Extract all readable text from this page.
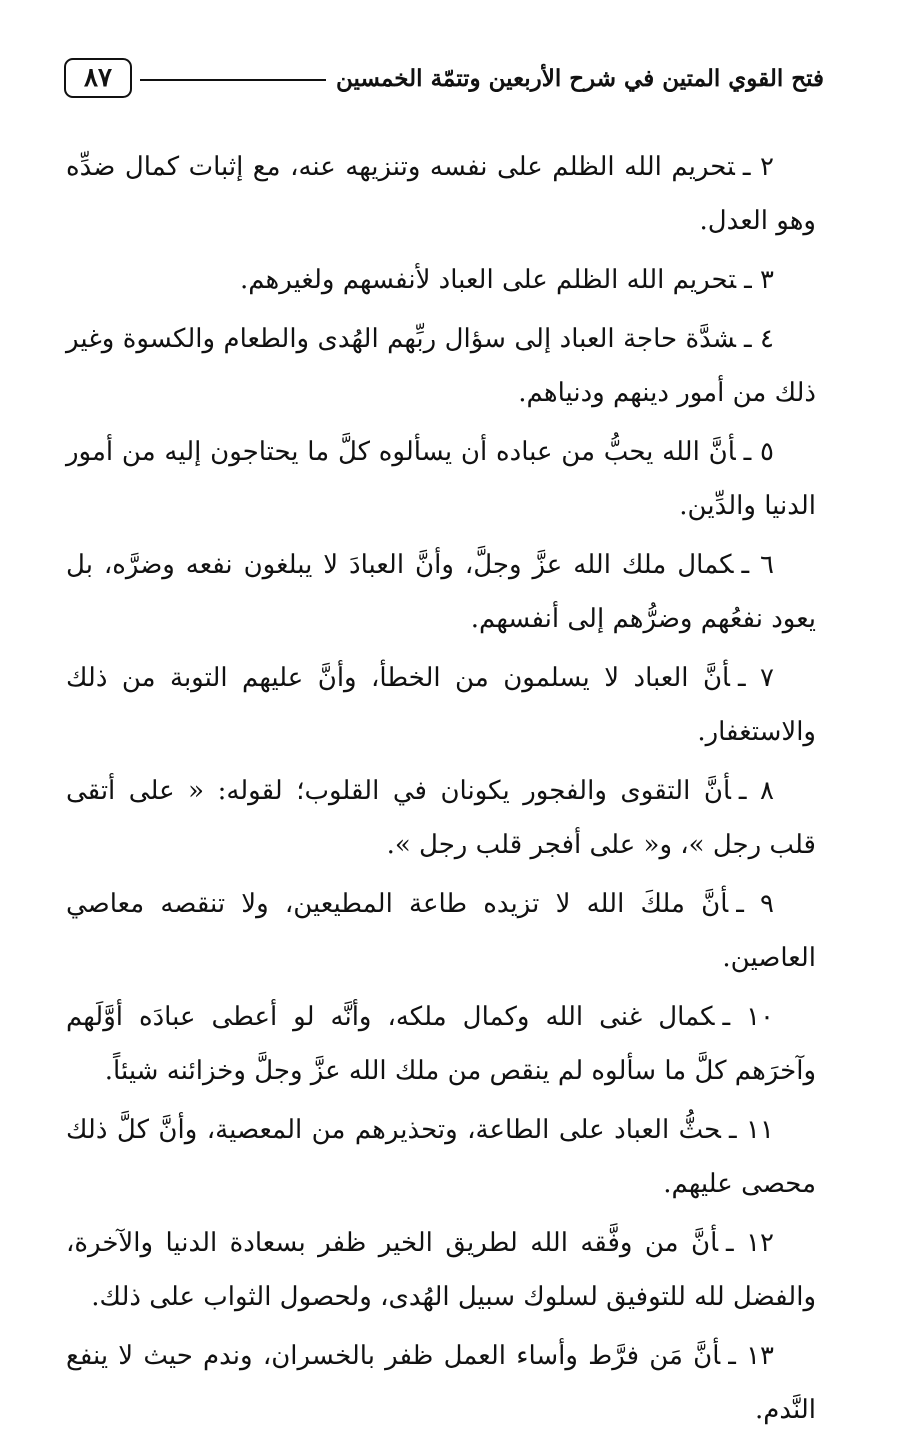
فتح القوي المتين في شرح الأربعين وتتمّة الخمسين
٨٧

٢ ـتحريم الله الظلم على نفسه وتنزيهه عنه، مع إثبات كمال ضدِّه وهو العدل.

٣ ـتحريم الله الظلم على العباد لأنفسهم ولغيرهم.

٤ ـشدَّة حاجة العباد إلى سؤال ربِّهم الهُدى والطعام والكسوة وغير ذلك من أمور دينهم ودنياهم.

٥ ـأنَّ الله يحبُّ من عباده أن يسألوه كلَّ ما يحتاجون إليه من أمور الدنيا والدِّين.

٦ ـكمال ملك الله عزَّ وجلَّ، وأنَّ العبادَ لا يبلغون نفعه وضرَّه، بل يعود نفعُهم وضرُّهم إلى أنفسهم.

٧ ـأنَّ العباد لا يسلمون من الخطأ، وأنَّ عليهم التوبة من ذلك والاستغفار.

٨ ـأنَّ التقوى والفجور يكونان في القلوب؛ لقوله: « على أتقى قلب رجل »، و« على أفجر قلب رجل ».

٩ ـأنَّ ملكَ الله لا تزيده طاعة المطيعين، ولا تنقصه معاصي العاصين.

١٠ ـكمال غنى الله وكمال ملكه، وأنَّه لو أعطى عبادَه أوَّلَهم وآخرَهم كلَّ ما سألوه لم ينقص من ملك الله عزَّ وجلَّ وخزائنه شيئاً.

١١ ـحثُّ العباد على الطاعة، وتحذيرهم من المعصية، وأنَّ كلَّ ذلك محصى عليهم.

١٢ ـأنَّ من وفَّقه الله لطريق الخير ظفر بسعادة الدنيا والآخرة، والفضل لله للتوفيق لسلوك سبيل الهُدى، ولحصول الثواب على ذلك.

١٣ ـأنَّ مَن فرَّط وأساء العمل ظفر بالخسران، وندم حيث لا ينفع النَّدم.
